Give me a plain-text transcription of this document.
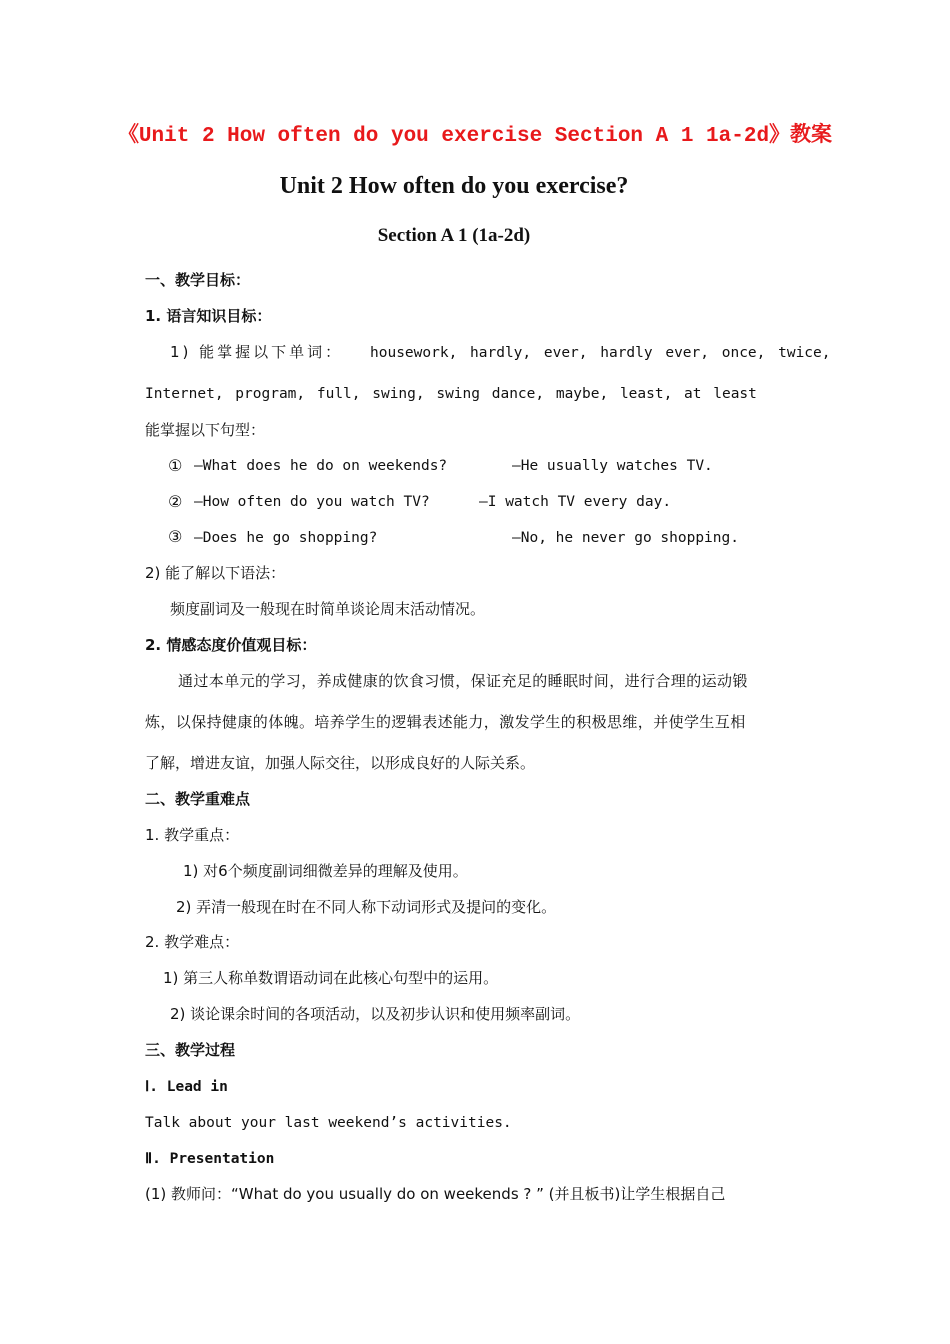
《Unit 2 How often do you exercise Section A 1 1a-2d》教案
Unit 2 How often do you exercise?
Section A 1 (1a-2d)
一、教学目标：
1. 语言知识目标：
1) 能掌握以下单词： housework, hardly, ever, hardly ever, once, twice,
Internet, program, full, swing, swing dance, maybe, least, at least
能掌握以下句型：
① —What does he do on weekends?	—He usually watches TV.
② —How often do you watch TV?	—I watch TV every day.
③ —Does he go shopping?	—No, he never go shopping.
2) 能了解以下语法：
频度副词及一般现在时简单谈论周末活动情况。
2. 情感态度价值观目标：
通过本单元的学习，养成健康的饮食习惯，保证充足的睡眠时间，进行合理的运动锻
炼，以保持健康的体魄。培养学生的逻辑表述能力，激发学生的积极思维，并使学生互相
了解，增进友谊，加强人际交往，以形成良好的人际关系。
二、教学重难点
1. 教学重点：
1) 对6个频度副词细微差异的理解及使用。
2) 弄清一般现在时在不同人称下动词形式及提问的变化。
2. 教学难点：
1) 第三人称单数谓语动词在此核心句型中的运用。
2) 谈论课余时间的各项活动，以及初步认识和使用频率副词。
三、教学过程
Ⅰ. Lead in
Talk about your last weekend’s activities.
Ⅱ. Presentation
(1) 教师问：“What do you usually do on weekends ? ” (并且板书)让学生根据自己
